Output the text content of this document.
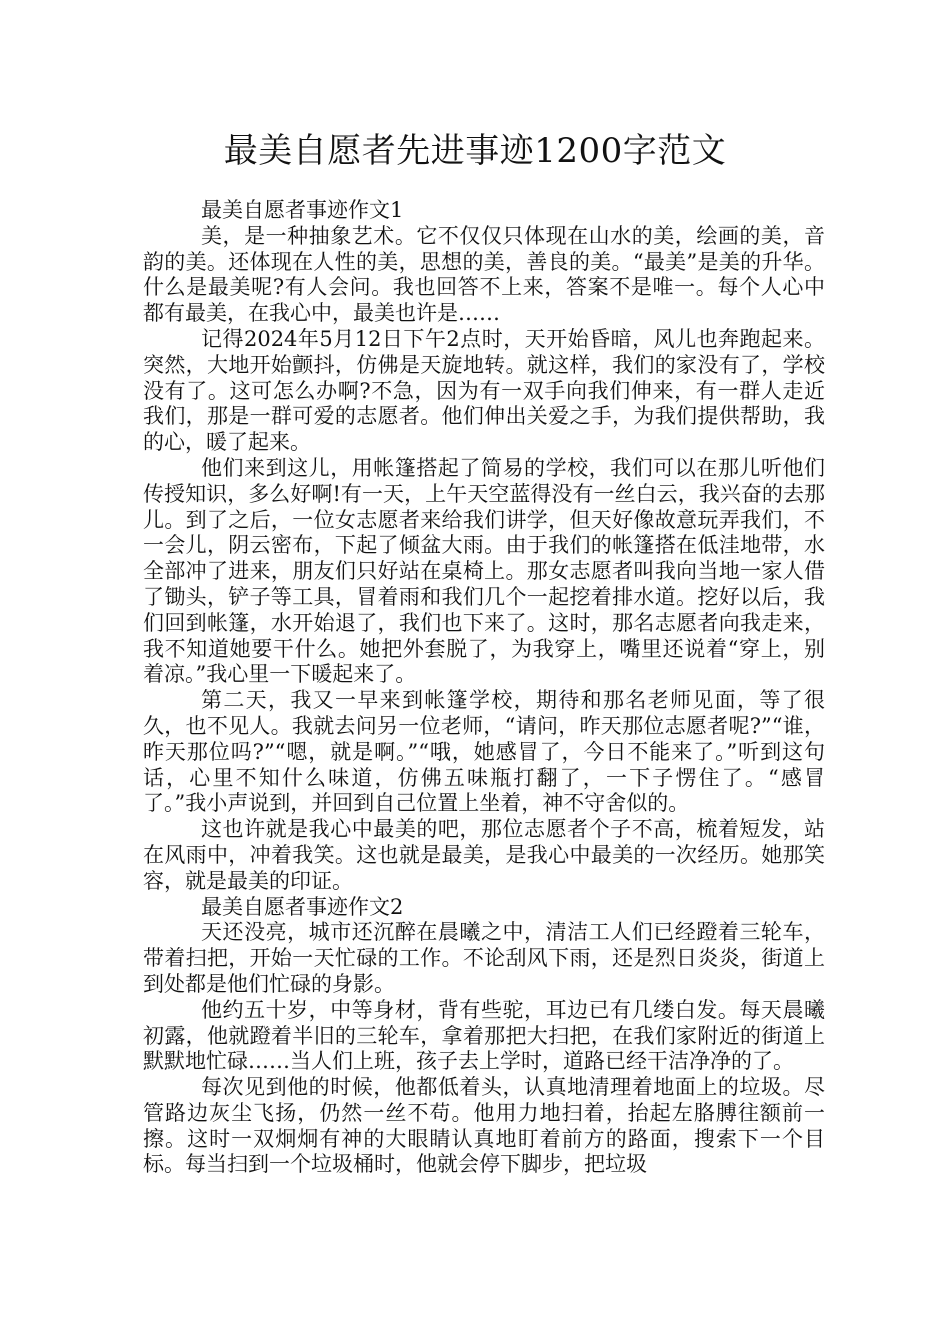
最美自愿者先进事迹1200字范文

最美自愿者事迹作文1

美，是一种抽象艺术。它不仅仅只体现在山水的美，绘画的美，音韵的美。还体现在人性的美，思想的美，善良的美。“最美”是美的升华。什么是最美呢?有人会问。我也回答不上来，答案不是唯一。每个人心中都有最美，在我心中，最美也许是……

记得2024年5月12日下午2点时，天开始昏暗，风儿也奔跑起来。突然，大地开始颤抖，仿佛是天旋地转。就这样，我们的家没有了，学校没有了。这可怎么办啊?不急，因为有一双手向我们伸来，有一群人走近我们，那是一群可爱的志愿者。他们伸出关爱之手，为我们提供帮助，我的心，暖了起来。

他们来到这儿，用帐篷搭起了简易的学校，我们可以在那儿听他们传授知识，多么好啊!有一天，上午天空蓝得没有一丝白云，我兴奋的去那儿。到了之后，一位女志愿者来给我们讲学，但天好像故意玩弄我们，不一会儿，阴云密布，下起了倾盆大雨。由于我们的帐篷搭在低洼地带，水全部冲了进来，朋友们只好站在桌椅上。那女志愿者叫我向当地一家人借了锄头，铲子等工具，冒着雨和我们几个一起挖着排水道。挖好以后，我们回到帐篷，水开始退了，我们也下来了。这时，那名志愿者向我走来，我不知道她要干什么。她把外套脱了，为我穿上，嘴里还说着“穿上，别着凉。”我心里一下暖起来了。

第二天，我又一早来到帐篷学校，期待和那名老师见面，等了很久，也不见人。我就去问另一位老师，“请问，昨天那位志愿者呢?”“谁，昨天那位吗?”“嗯，就是啊。”“哦，她感冒了，今日不能来了。”听到这句话，心里不知什么味道，仿佛五味瓶打翻了，一下子愣住了。“感冒了。”我小声说到，并回到自己位置上坐着，神不守舍似的。

这也许就是我心中最美的吧，那位志愿者个子不高，梳着短发，站在风雨中，冲着我笑。这也就是最美，是我心中最美的一次经历。她那笑容，就是最美的印证。

最美自愿者事迹作文2

天还没亮，城市还沉醉在晨曦之中，清洁工人们已经蹬着三轮车，带着扫把，开始一天忙碌的工作。不论刮风下雨，还是烈日炎炎，街道上到处都是他们忙碌的身影。

他约五十岁，中等身材，背有些驼，耳边已有几缕白发。每天晨曦初露，他就蹬着半旧的三轮车，拿着那把大扫把，在我们家附近的街道上默默地忙碌……当人们上班，孩子去上学时，道路已经干洁净净的了。

每次见到他的时候，他都低着头，认真地清理着地面上的垃圾。尽管路边灰尘飞扬，仍然一丝不苟。他用力地扫着，抬起左胳膊往额前一擦。这时一双炯炯有神的大眼睛认真地盯着前方的路面，搜索下一个目标。每当扫到一个垃圾桶时，他就会停下脚步，把垃圾
